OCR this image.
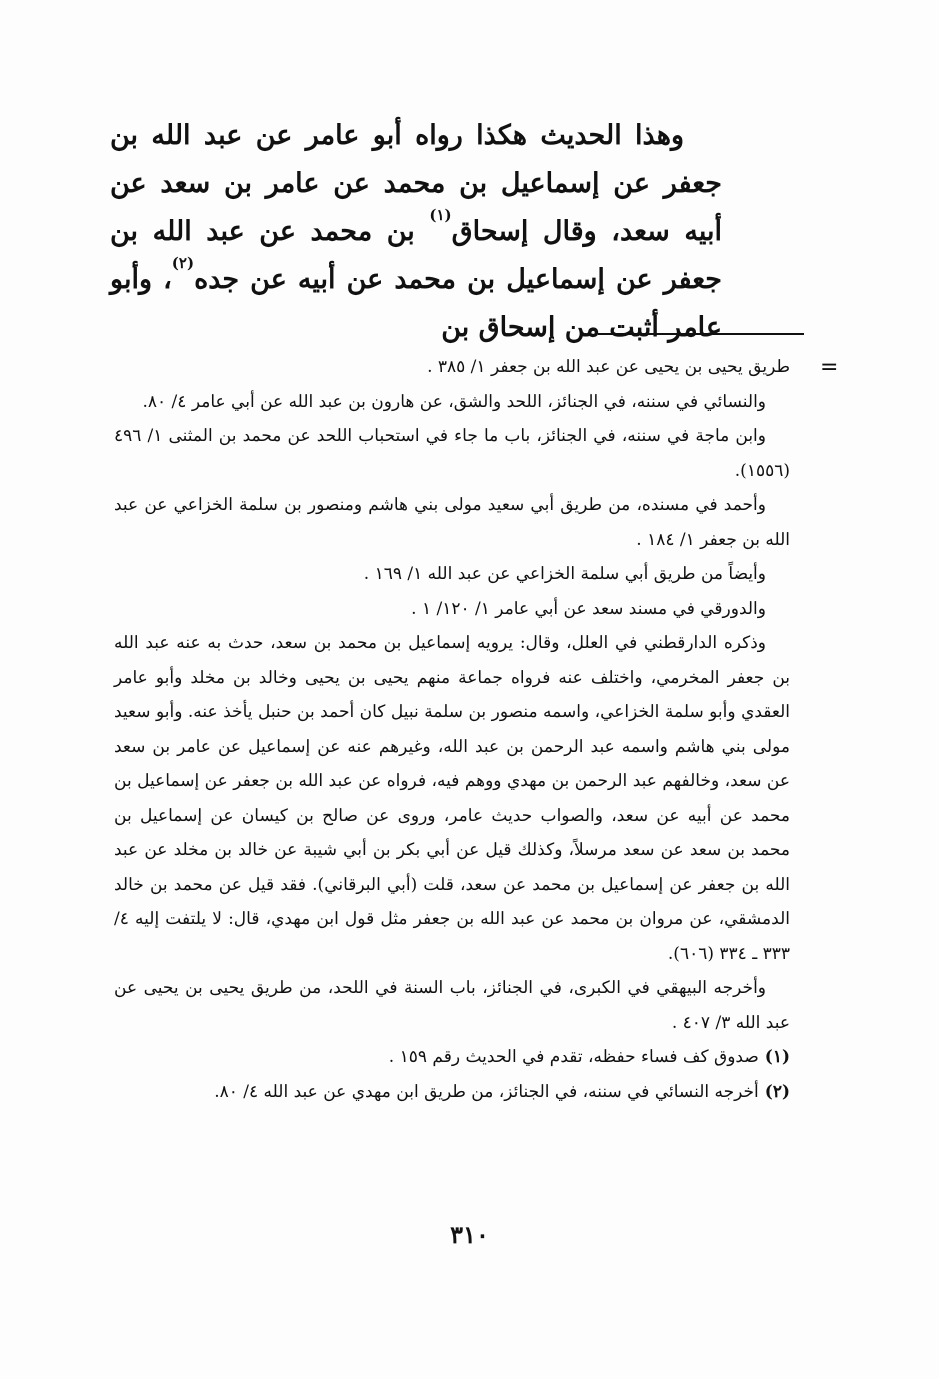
وهذا الحديث هكذا رواه أبو عامر عن عبد الله بن جعفر عن إسماعيل بن محمد عن عامر بن سعد عن أبيه سعد، وقال إسحاق$^{(١)}$ بن محمد عن عبد الله بن جعفر عن إسماعيل بن محمد عن أبيه عن جده$^{(٢)}$، وأبو عامر أثبت من إسحاق بن

=

طريق يحيى بن يحيى عن عبد الله بن جعفر ١/ ٣٨٥ .

والنسائي في سننه، في الجنائز، اللحد والشق، عن هارون بن عبد الله عن أبي عامر ٤/ ٨٠.

وابن ماجة في سننه، في الجنائز، باب ما جاء في استحباب اللحد عن محمد بن المثنى ١/ ٤٩٦ (١٥٥٦).

وأحمد في مسنده، من طريق أبي سعيد مولى بني هاشم ومنصور بن سلمة الخزاعي عن عبد الله بن جعفر ١/ ١٨٤ .

وأيضاً من طريق أبي سلمة الخزاعي عن عبد الله ١/ ١٦٩ .

والدورقي في مسند سعد عن أبي عامر ١/ ١٢٠/ ١ .

وذكره الدارقطني في العلل، وقال: يرويه إسماعيل بن محمد بن سعد، حدث به عنه عبد الله بن جعفر المخرمي، واختلف عنه فرواه جماعة منهم يحيى بن يحيى وخالد بن مخلد وأبو عامر العقدي وأبو سلمة الخزاعي، واسمه منصور بن سلمة نبيل كان أحمد بن حنبل يأخذ عنه. وأبو سعيد مولى بني هاشم واسمه عبد الرحمن بن عبد الله، وغيرهم عنه عن إسماعيل عن عامر بن سعد عن سعد، وخالفهم عبد الرحمن بن مهدي ووهم فيه، فرواه عن عبد الله بن جعفر عن إسماعيل بن محمد عن أبيه عن سعد، والصواب حديث عامر، وروى عن صالح بن كيسان عن إسماعيل بن محمد بن سعد عن سعد مرسلاً، وكذلك قيل عن أبي بكر بن أبي شيبة عن خالد بن مخلد عن عبد الله بن جعفر عن إسماعيل بن محمد عن سعد، قلت (أبي البرقاني). فقد قيل عن محمد بن خالد الدمشقي، عن مروان بن محمد عن عبد الله بن جعفر مثل قول ابن مهدي، قال: لا يلتفت إليه ٤/ ٣٣٣ ـ ٣٣٤ (٦٠٦).

وأخرجه البيهقي في الكبرى، في الجنائز، باب السنة في اللحد، من طريق يحيى بن يحيى عن عبد الله ٣/ ٤٠٧ .

(١)صدوق كف فساء حفظه، تقدم في الحديث رقم ١٥٩ .

(٢)أخرجه النسائي في سننه، في الجنائز، من طريق ابن مهدي عن عبد الله ٤/ ٨٠.

٣١٠
